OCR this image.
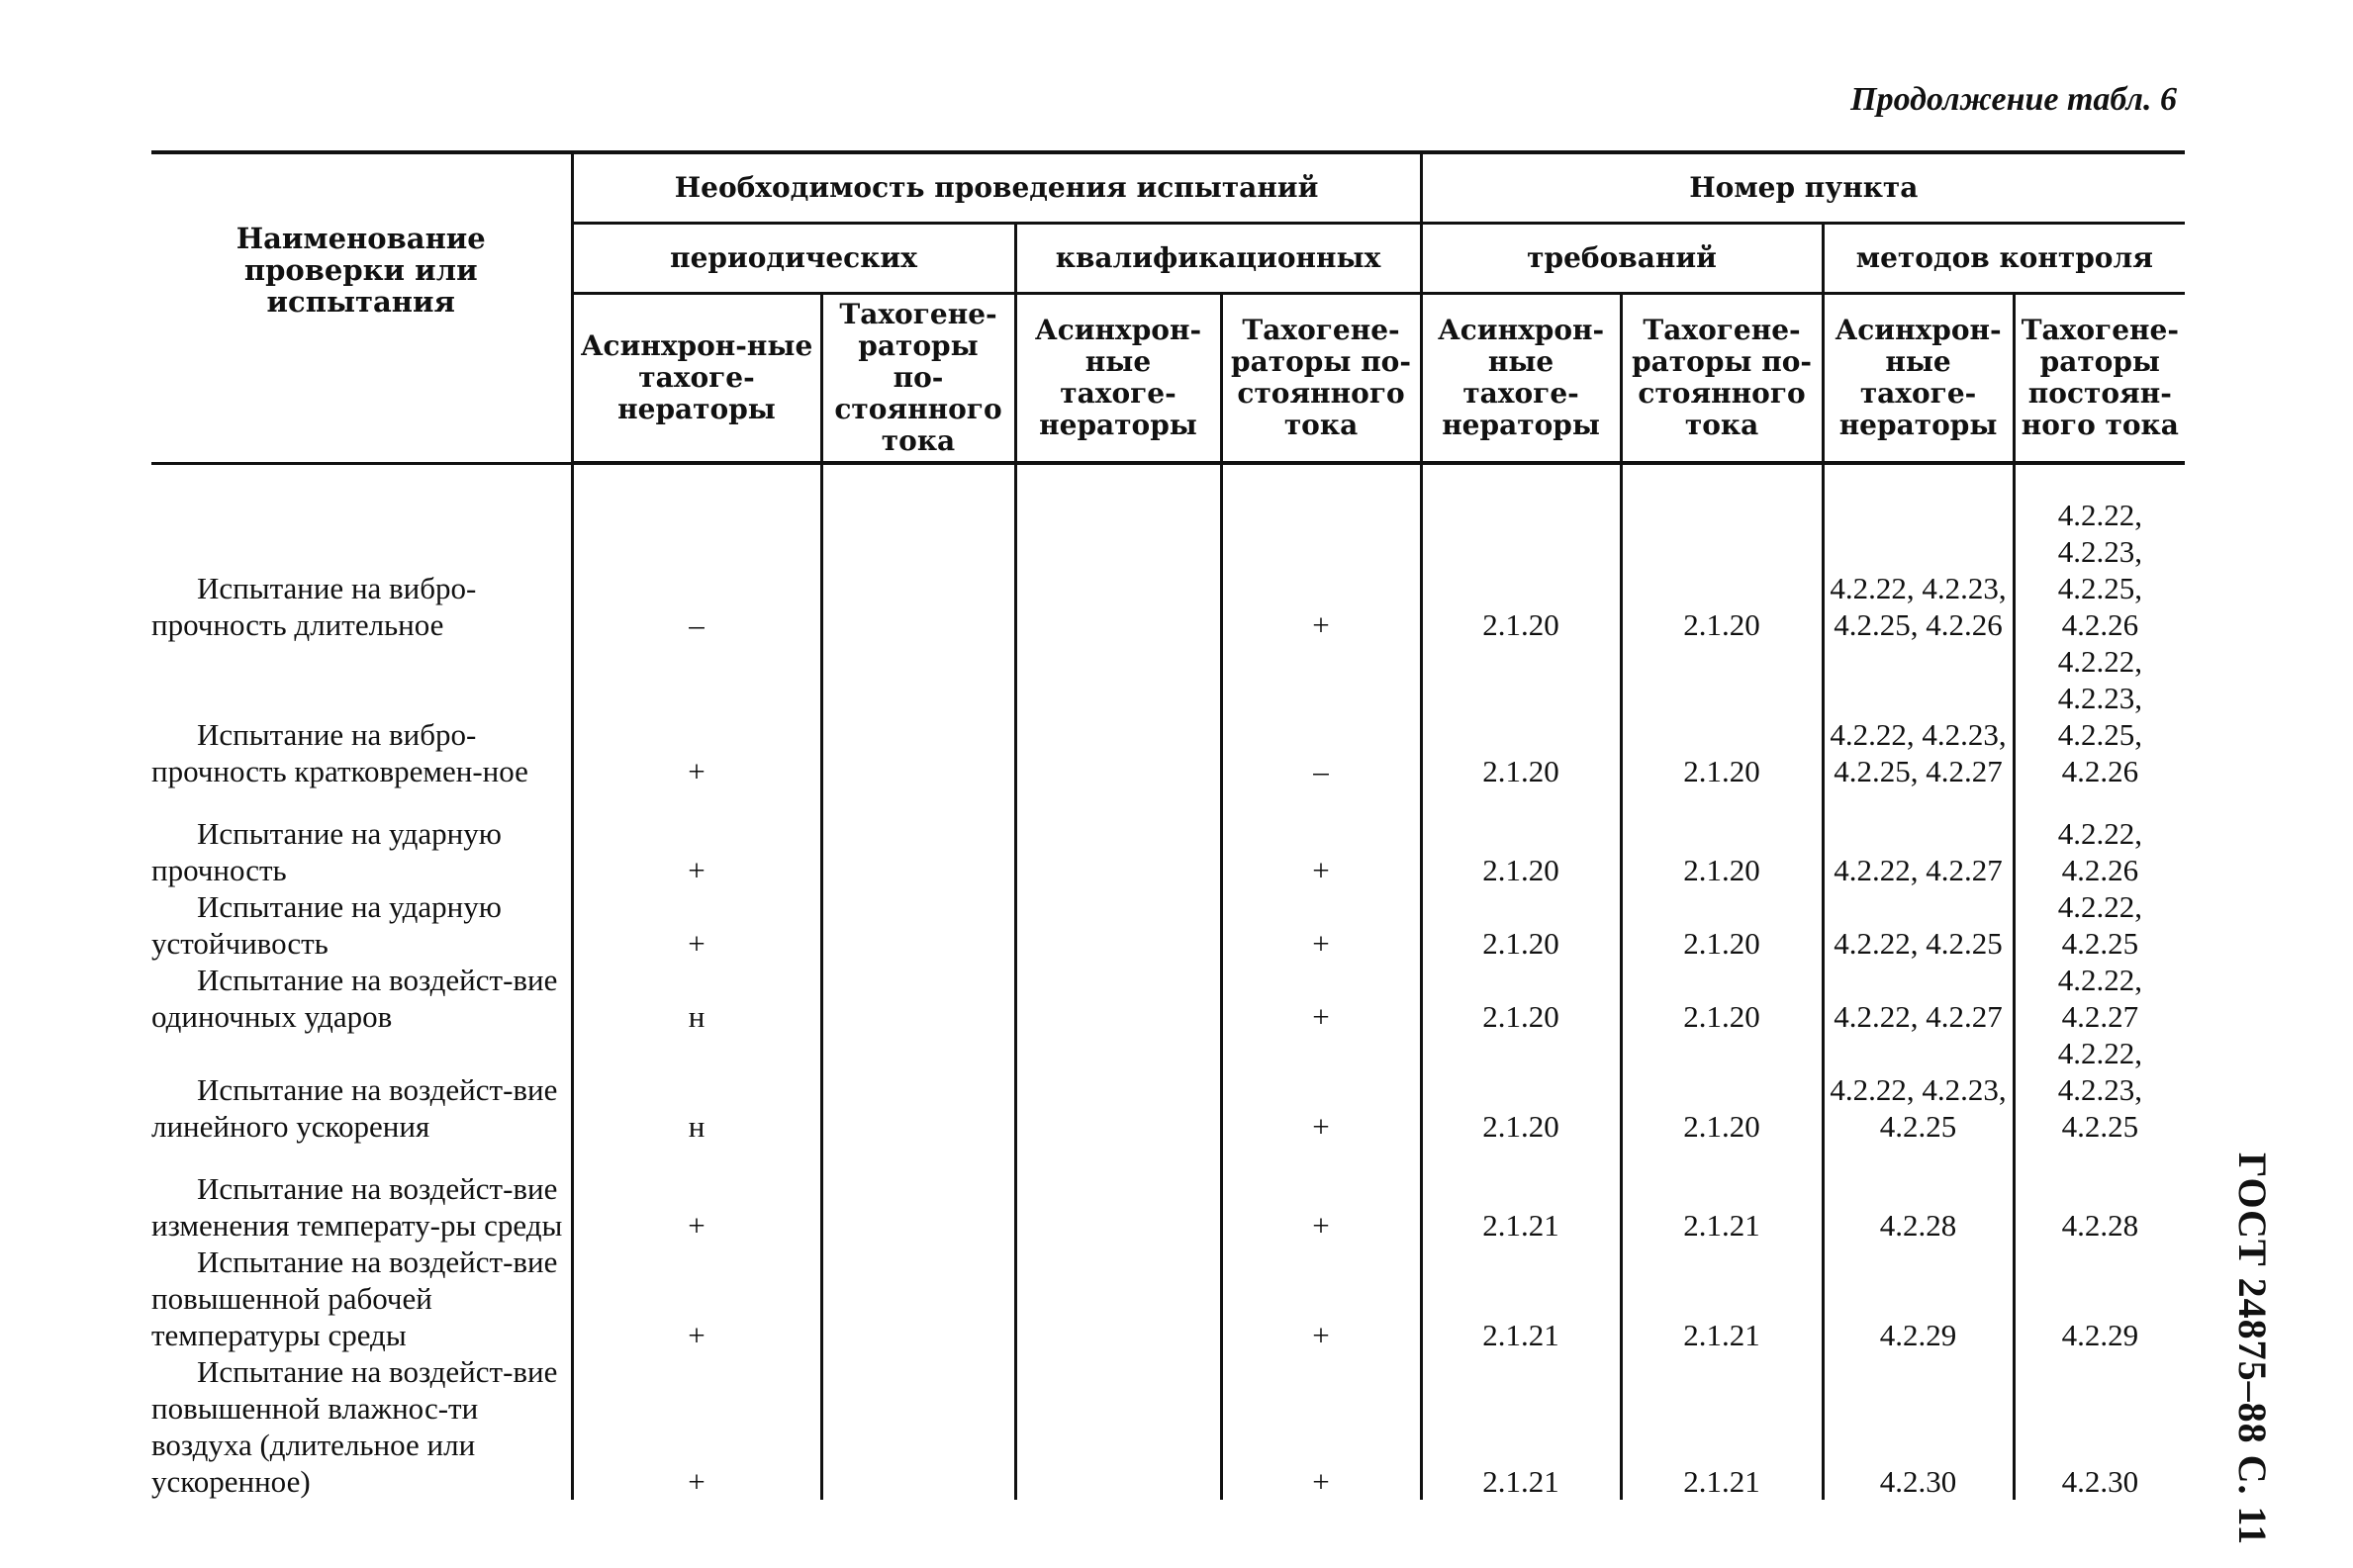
Продолжение табл. 6
ГОСТ 24875–88 С. 11
Наименование проверки или испытания	Необходимость проведения испытаний				Номер пункта			
	периодических		квалификационных		требований		методов контроля	
	Асинхрон-ные тахоге-нераторы	Тахогене-раторы по-стоянного тока	Асинхрон-ные тахоге-нераторы	Тахогене-раторы по-стоянного тока	Асинхрон-ные тахоге-нераторы	Тахогене-раторы по-стоянного тока	Асинхрон-ные тахоге-нераторы	Тахогене-раторы постоян-ного тока

Испытание на вибро-прочность длительное	–			+	2.1.20	2.1.20	4.2.22, 4.2.23, 4.2.25, 4.2.26	4.2.22, 4.2.23, 4.2.25, 4.2.26

Испытание на вибро-прочность кратковремен-ное	+			–	2.1.20	2.1.20	4.2.22, 4.2.23, 4.2.25, 4.2.27	4.2.22, 4.2.23, 4.2.25, 4.2.26

Испытание на ударную прочность	+			+	2.1.20	2.1.20	4.2.22, 4.2.27	4.2.22, 4.2.26

Испытание на ударную устойчивость	+			+	2.1.20	2.1.20	4.2.22, 4.2.25	4.2.22, 4.2.25

Испытание на воздейст-вие одиночных ударов	н			+	2.1.20	2.1.20	4.2.22, 4.2.27	4.2.22, 4.2.27

Испытание на воздейст-вие линейного ускорения	н			+	2.1.20	2.1.20	4.2.22, 4.2.23, 4.2.25	4.2.22, 4.2.23, 4.2.25

Испытание на воздейст-вие изменения температу-ры среды	+			+	2.1.21	2.1.21	4.2.28	4.2.28

Испытание на воздейст-вие повышенной рабочей температуры среды	+			+	2.1.21	2.1.21	4.2.29	4.2.29

Испытание на воздейст-вие повышенной влажнос-ти воздуха (длительное или ускоренное)	+			+	2.1.21	2.1.21	4.2.30	4.2.30
